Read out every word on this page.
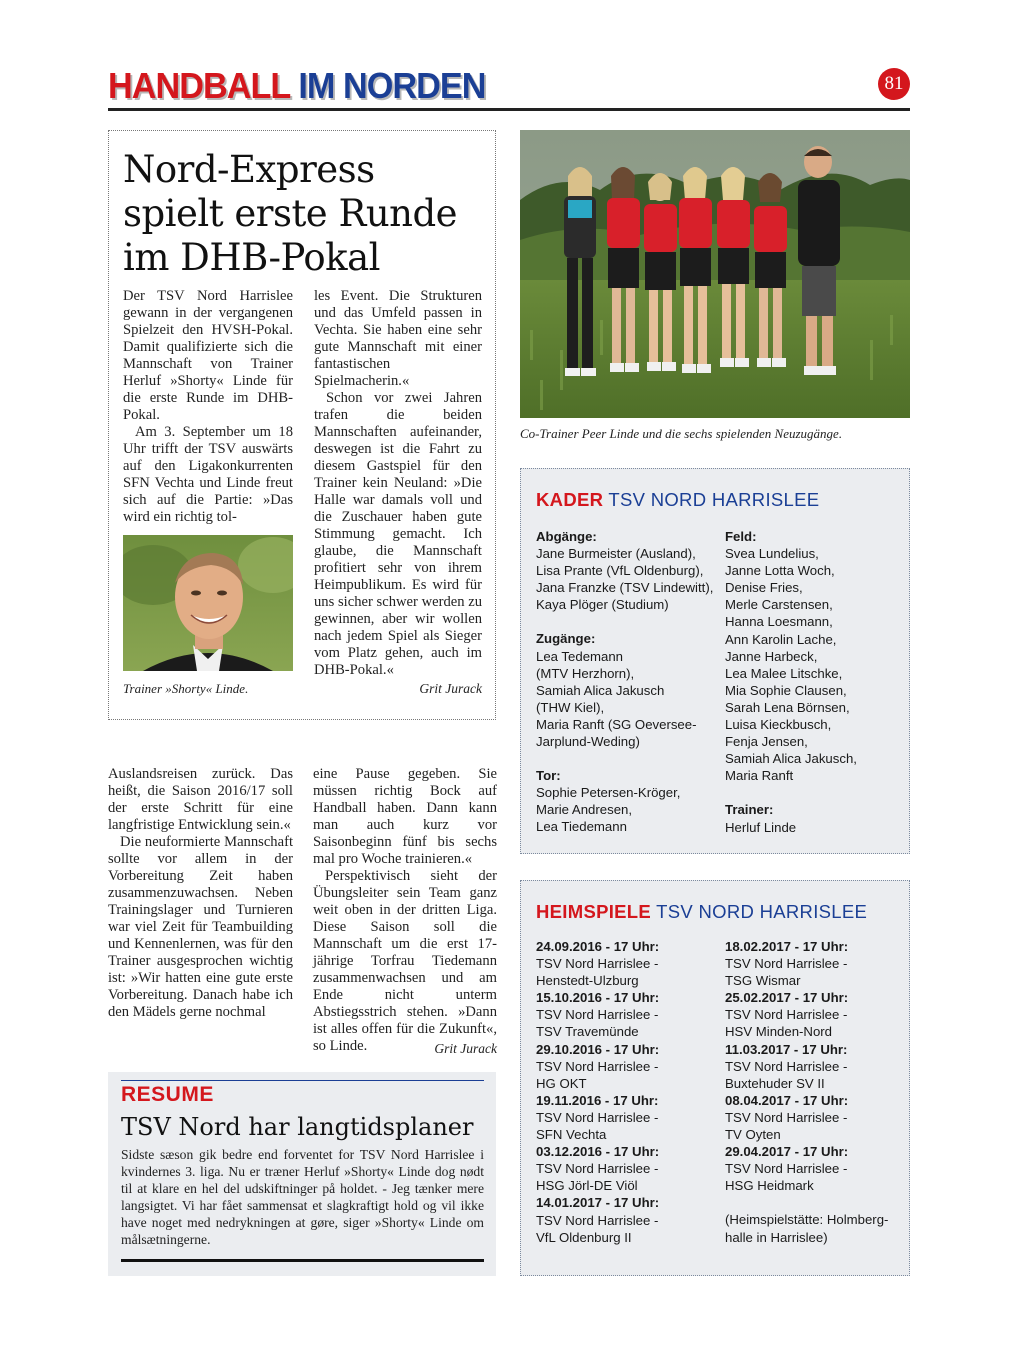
HANDBALL IM NORDEN	81
Nord-Express
spielt erste Runde
im DHB-Pokal

Der TSV Nord Harrislee gewann in der vergangenen Spielzeit den HVSH-Pokal. Damit qualifizierte sich die Mannschaft von Trainer Herluf »Shorty« Linde für die erste Runde im DHB-Pokal.

Am 3. September um 18 Uhr trifft der TSV auswärts auf den Ligakonkurrenten SFN Vechta und Linde freut sich auf die Partie: »Das wird ein richtig tol-

Trainer »Shorty« Linde.

les Event. Die Strukturen und das Umfeld passen in Vechta. Sie haben eine sehr gute Mannschaft mit einer fantastischen Spielmacherin.«

Schon vor zwei Jahren trafen die beiden Mannschaften aufeinander, deswegen ist die Fahrt zu diesem Gastspiel für den Trainer kein Neuland: »Die Halle war damals voll und die Zuschauer haben gute Stimmung gemacht. Ich glaube, die Mannschaft profitiert sehr von ihrem Heimpublikum. Es wird für uns sicher schwer werden zu gewinnen, aber wir wollen nach jedem Spiel als Sieger vom Platz gehen, auch im DHB-Pokal.«

Grit Jurack

Auslandsreisen zurück. Das heißt, die Saison 2016/17 soll der erste Schritt für eine langfristige Entwicklung sein.«

Die neuformierte Mannschaft sollte vor allem in der Vorbereitung Zeit haben zusammenzuwachsen. Neben Trainingslager und Turnieren war viel Zeit für Teambuilding und Kennenlernen, was für den Trainer ausgesprochen wichtig ist: »Wir hatten eine gute erste Vorbereitung. Danach habe ich den Mädels gerne nochmal

eine Pause gegeben. Sie müssen richtig Bock auf Handball haben. Dann kann man auch kurz vor Saisonbeginn fünf bis sechs mal pro Woche trainieren.«

Perspektivisch sieht der Übungsleiter sein Team ganz weit oben in der dritten Liga. Diese Saison soll die Mannschaft um die erst 17-jährige Torfrau Tiedemann zusammenwachsen und am Ende nicht unterm Abstiegsstrich stehen. »Dann ist alles offen für die Zukunft«, so Linde.	Grit Jurack
RESUME
TSV Nord har langtidsplaner
Sidste sæson gik bedre end forventet for TSV Nord Harrislee i kvindernes 3. liga. Nu er træner Herluf »Shorty« Linde dog nødt til at klare en hel del udskiftninger på holdet. - Jeg tænker mere langsigtet. Vi har fået sammensat et slagkraftigt hold og vil ikke have noget med nedrykningen at gøre, siger »Shorty« Linde om målsætningerne.
Co-Trainer Peer Linde und die sechs spielenden Neuzugänge.
KADER TSV NORD HARRISLEE
Abgänge:
Jane Burmeister (Ausland),
Lisa Prante (VfL Oldenburg),
Jana Franzke (TSV Lindewitt),
Kaya Plöger (Studium)
Zugänge:
Lea Tedemann
(MTV Herzhorn),
Samiah Alica Jakusch
(THW Kiel),
Maria Ranft (SG Oeversee-
Jarplund-Weding)
Tor:
Sophie Petersen-Kröger,
Marie Andresen,
Lea Tiedemann
Feld:
Svea Lundelius,
Janne Lotta Woch,
Denise Fries,
Merle Carstensen,
Hanna Loesmann,
Ann Karolin Lache,
Janne Harbeck,
Lea Malee Litschke,
Mia Sophie Clausen,
Sarah Lena Börnsen,
Luisa Kieckbusch,
Fenja Jensen,
Samiah Alica Jakusch,
Maria Ranft
Trainer:
Herluf Linde
HEIMSPIELE TSV NORD HARRISLEE
24.09.2016 - 17 Uhr:
TSV Nord Harrislee -
Henstedt-Ulzburg
15.10.2016 - 17 Uhr:
TSV Nord Harrislee -
TSV Travemünde
29.10.2016 - 17 Uhr:
TSV Nord Harrislee -
HG OKT
19.11.2016 - 17 Uhr:
TSV Nord Harrislee -
SFN Vechta
03.12.2016 - 17 Uhr:
TSV Nord Harrislee -
HSG Jörl-DE Viöl
14.01.2017 - 17 Uhr:
TSV Nord Harrislee -
VfL Oldenburg II
18.02.2017 - 17 Uhr:
TSV Nord Harrislee -
TSG Wismar
25.02.2017 - 17 Uhr:
TSV Nord Harrislee -
HSV Minden-Nord
11.03.2017 - 17 Uhr:
TSV Nord Harrislee -
Buxtehuder SV II
08.04.2017 - 17 Uhr:
TSV Nord Harrislee -
TV Oyten
29.04.2017 - 17 Uhr:
TSV Nord Harrislee -
HSG Heidmark
(Heimspielstätte: Holmberg-
halle in Harrislee)
